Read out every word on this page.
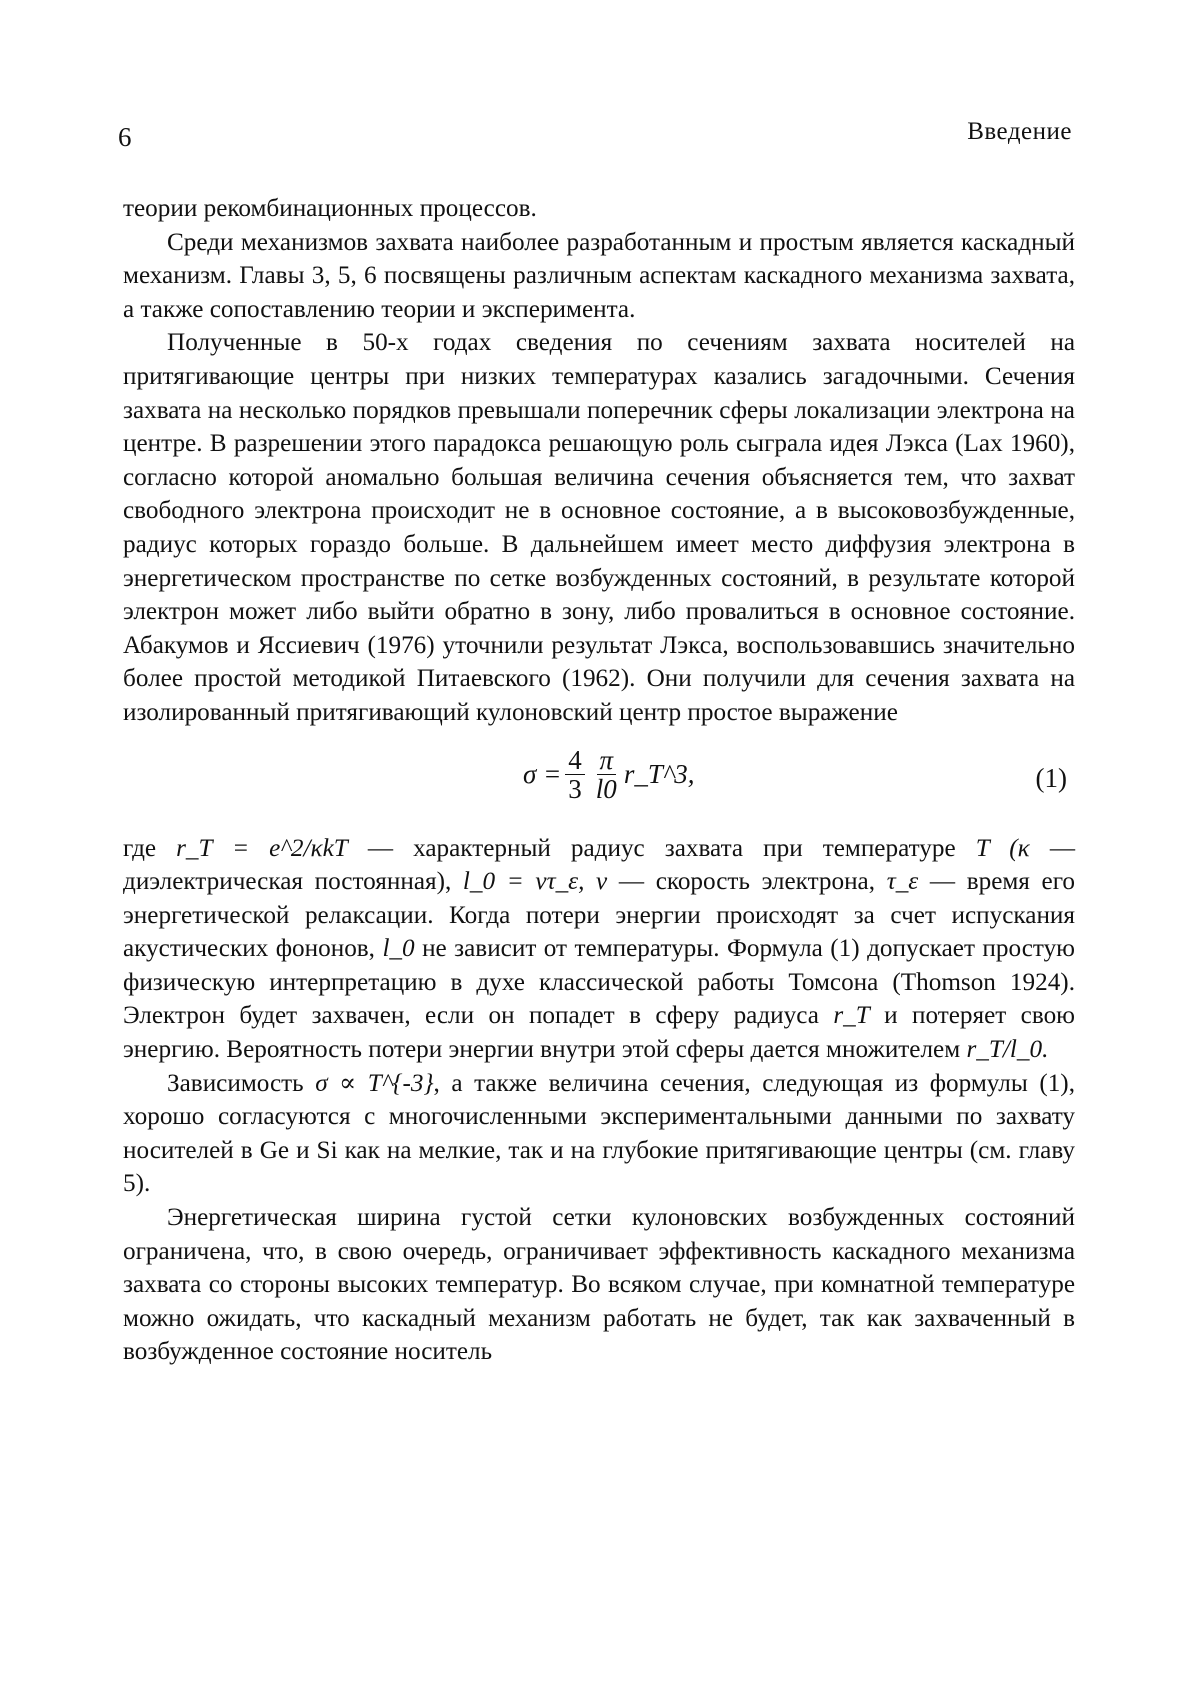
6	Введение

теории рекомбинационных процессов.

Среди механизмов захвата наиболее разработанным и простым является каскадный механизм. Главы 3, 5, 6 посвящены различным аспектам каскадного механизма захвата, а также сопоставлению теории и эксперимента.

Полученные в 50-х годах сведения по сечениям захвата носителей на притягивающие центры при низких температурах казались загадочными. Сечения захвата на несколько порядков превышали поперечник сферы локализации электрона на центре. В разрешении этого парадокса решающую роль сыграла идея Лэкса (Lax 1960), согласно которой аномально большая величина сечения объясняется тем, что захват свободного электрона происходит не в основное состояние, а в высоковозбужденные, радиус которых гораздо больше. В дальнейшем имеет место диффузия электрона в энергетическом пространстве по сетке возбужденных состояний, в результате которой электрон может либо выйти обратно в зону, либо провалиться в основное состояние. Абакумов и Яссиевич (1976) уточнили результат Лэкса, воспользовавшись значительно более простой методикой Питаевского (1962). Они получили для сечения захвата на изолированный притягивающий кулоновский центр простое выражение

$\sigma = \frac{4}{3} \frac{\pi}{l0}$ r_T^3,	(1)

где r_T = e^2/κkT — характерный радиус захвата при температуре T (κ — диэлектрическая постоянная), l_0 = vτ_ε, v — скорость электрона, τ_ε — время его энергетической релаксации. Когда потери энергии происходят за счет испускания акустических фононов, l_0 не зависит от температуры. Формула (1) допускает простую физическую интерпретацию в духе классической работы Томсона (Thomson 1924). Электрон будет захвачен, если он попадет в сферу радиуса r_T и потеряет свою энергию. Вероятность потери энергии внутри этой сферы дается множителем r_T/l_0.

Зависимость σ ∝ T^{-3}, а также величина сечения, следующая из формулы (1), хорошо согласуются с многочисленными экспериментальными данными по захвату носителей в Ge и Si как на мелкие, так и на глубокие притягивающие центры (см. главу 5).

Энергетическая ширина густой сетки кулоновских возбужденных состояний ограничена, что, в свою очередь, ограничивает эффективность каскадного механизма захвата со стороны высоких температур. Во всяком случае, при комнатной температуре можно ожидать, что каскадный механизм работать не будет, так как захваченный в возбужденное состояние носитель
